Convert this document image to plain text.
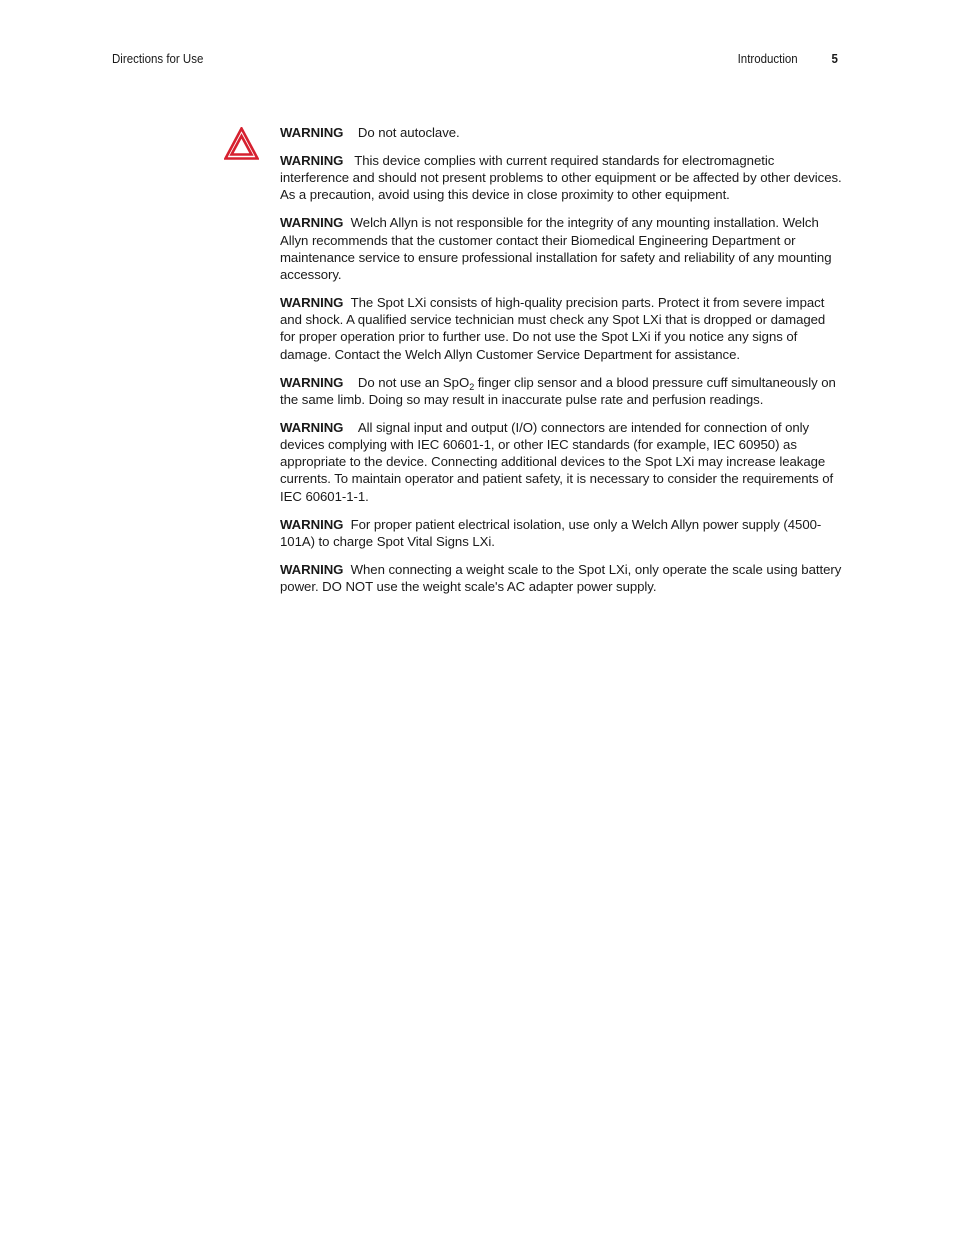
Directions for Use	Introduction	5

WARNING Do not autoclave.

WARNING This device complies with current required standards for electromagnetic interference and should not present problems to other equipment or be affected by other devices. As a precaution, avoid using this device in close proximity to other equipment.

WARNING Welch Allyn is not responsible for the integrity of any mounting installation. Welch Allyn recommends that the customer contact their Biomedical Engineering Department or maintenance service to ensure professional installation for safety and reliability of any mounting accessory.

WARNING The Spot LXi consists of high-quality precision parts. Protect it from severe impact and shock. A qualified service technician must check any Spot LXi that is dropped or damaged for proper operation prior to further use. Do not use the Spot LXi if you notice any signs of damage. Contact the Welch Allyn Customer Service Department for assistance.

WARNING Do not use an SpO$_2$ finger clip sensor and a blood pressure cuff simultaneously on the same limb. Doing so may result in inaccurate pulse rate and perfusion readings.

WARNING All signal input and output (I/O) connectors are intended for connection of only devices complying with IEC 60601-1, or other IEC standards (for example, IEC 60950) as appropriate to the device. Connecting additional devices to the Spot LXi may increase leakage currents. To maintain operator and patient safety, it is necessary to consider the requirements of IEC 60601-1-1.

WARNING For proper patient electrical isolation, use only a Welch Allyn power supply (4500-101A) to charge Spot Vital Signs LXi.

WARNING When connecting a weight scale to the Spot LXi, only operate the scale using battery power. DO NOT use the weight scale's AC adapter power supply.
